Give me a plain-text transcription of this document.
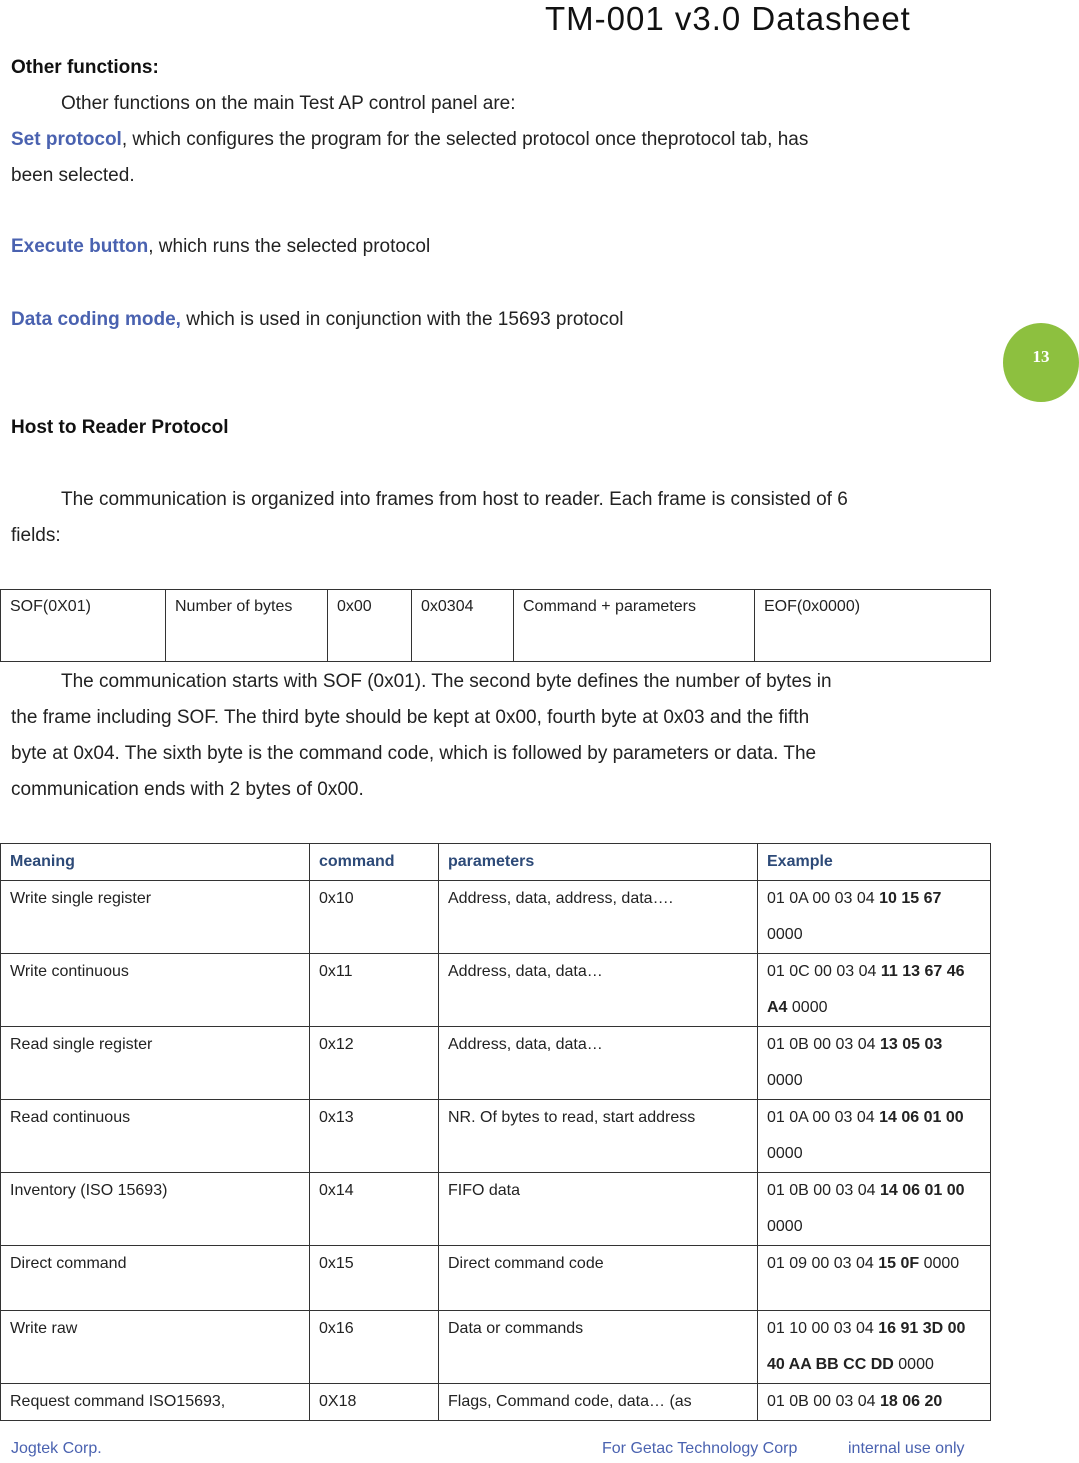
TM-001 v3.0 Datasheet
13
Other functions:
Other functions on the main Test AP control panel are:
Set protocol, which configures the program for the selected protocol once theprotocol tab, has
been selected.
Execute button, which runs the selected protocol
Data coding mode, which is used in conjunction with the 15693 protocol
Host to Reader Protocol
The communication is organized into frames from host to reader. Each frame is consisted of 6
fields:
SOF(0X01)	Number of bytes	0x00	0x0304	Command + parameters	EOF(0x0000)
The communication starts with SOF (0x01). The second byte defines the number of bytes in
the frame including SOF. The third byte should be kept at 0x00, fourth byte at 0x03 and the fifth
byte at 0x04. The sixth byte is the command code, which is followed by parameters or data. The
communication ends with 2 bytes of 0x00.
Meaning	command	parameters	Example
Write single register	0x10	Address, data, address, data….	01 0A 00 03 04 10 15 67 0000
Write continuous	0x11	Address, data, data…	01 0C 00 03 04 11 13 67 46 A4 0000
Read single register	0x12	Address, data, data…	01 0B 00 03 04 13 05 03 0000
Read continuous	0x13	NR. Of bytes to read, start address	01 0A 00 03 04 14 06 01 00 0000
Inventory (ISO 15693)	0x14	FIFO data	01 0B 00 03 04 14 06 01 00 0000
Direct command	0x15	Direct command code	01 09 00 03 04 15 0F 0000
Write raw	0x16	Data or commands	01 10 00 03 04 16 91 3D 00 40 AA BB CC DD 0000
Request command ISO15693,	0X18	Flags, Command code, data… (as	01 0B 00 03 04 18 06 20
Jogtek Corp.	For Getac Technology Corp	internal use only
